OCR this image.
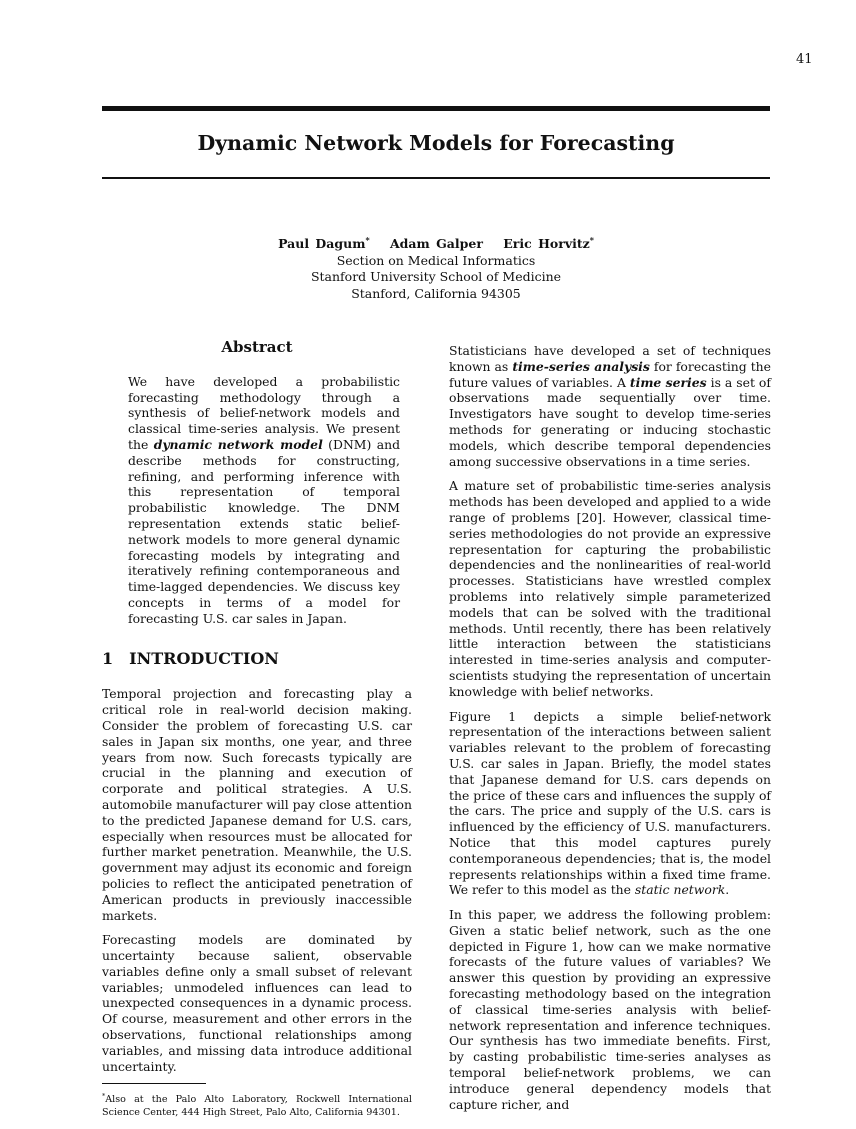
41
Dynamic Network Models for Forecasting
Paul Dagum* Adam Galper Eric Horvitz*
Section on Medical Informatics
Stanford University School of Medicine
Stanford, California 94305
Abstract

We have developed a probabilistic forecasting methodology through a synthesis of belief-network models and classical time-series analysis. We present the dynamic network model (DNM) and describe methods for constructing, refining, and performing inference with this representation of temporal probabilistic knowledge. The DNM representation extends static belief-network models to more general dynamic forecasting models by integrating and iteratively refining contemporaneous and time-lagged dependencies. We discuss key concepts in terms of a model for forecasting U.S. car sales in Japan.

1 INTRODUCTION

Temporal projection and forecasting play a critical role in real-world decision making. Consider the problem of forecasting U.S. car sales in Japan six months, one year, and three years from now. Such forecasts typically are crucial in the planning and execution of corporate and political strategies. A U.S. automobile manufacturer will pay close attention to the predicted Japanese demand for U.S. cars, especially when resources must be allocated for further market penetration. Meanwhile, the U.S. government may adjust its economic and foreign policies to reflect the anticipated penetration of American products in previously inaccessible markets.

Forecasting models are dominated by uncertainty because salient, observable variables define only a small subset of relevant variables; unmodeled influences can lead to unexpected consequences in a dynamic process. Of course, measurement and other errors in the observations, functional relationships among variables, and missing data introduce additional uncertainty.

*Also at the Palo Alto Laboratory, Rockwell International Science Center, 444 High Street, Palo Alto, California 94301.

Statisticians have developed a set of techniques known as time-series analysis for forecasting the future values of variables. A time series is a set of observations made sequentially over time. Investigators have sought to develop time-series methods for generating or inducing stochastic models, which describe temporal dependencies among successive observations in a time series.

A mature set of probabilistic time-series analysis methods has been developed and applied to a wide range of problems [20]. However, classical time-series methodologies do not provide an expressive representation for capturing the probabilistic dependencies and the nonlinearities of real-world processes. Statisticians have wrestled complex problems into relatively simple parameterized models that can be solved with the traditional methods. Until recently, there has been relatively little interaction between the statisticians interested in time-series analysis and computer-scientists studying the representation of uncertain knowledge with belief networks.

Figure 1 depicts a simple belief-network representation of the interactions between salient variables relevant to the problem of forecasting U.S. car sales in Japan. Briefly, the model states that Japanese demand for U.S. cars depends on the price of these cars and influences the supply of the cars. The price and supply of the U.S. cars is influenced by the efficiency of U.S. manufacturers. Notice that this model captures purely contemporaneous dependencies; that is, the model represents relationships within a fixed time frame. We refer to this model as the static network.

In this paper, we address the following problem: Given a static belief network, such as the one depicted in Figure 1, how can we make normative forecasts of the future values of variables? We answer this question by providing an expressive forecasting methodology based on the integration of classical time-series analysis with belief-network representation and inference techniques. Our synthesis has two immediate benefits. First, by casting probabilistic time-series analyses as temporal belief-network problems, we can introduce general dependency models that capture richer, and
